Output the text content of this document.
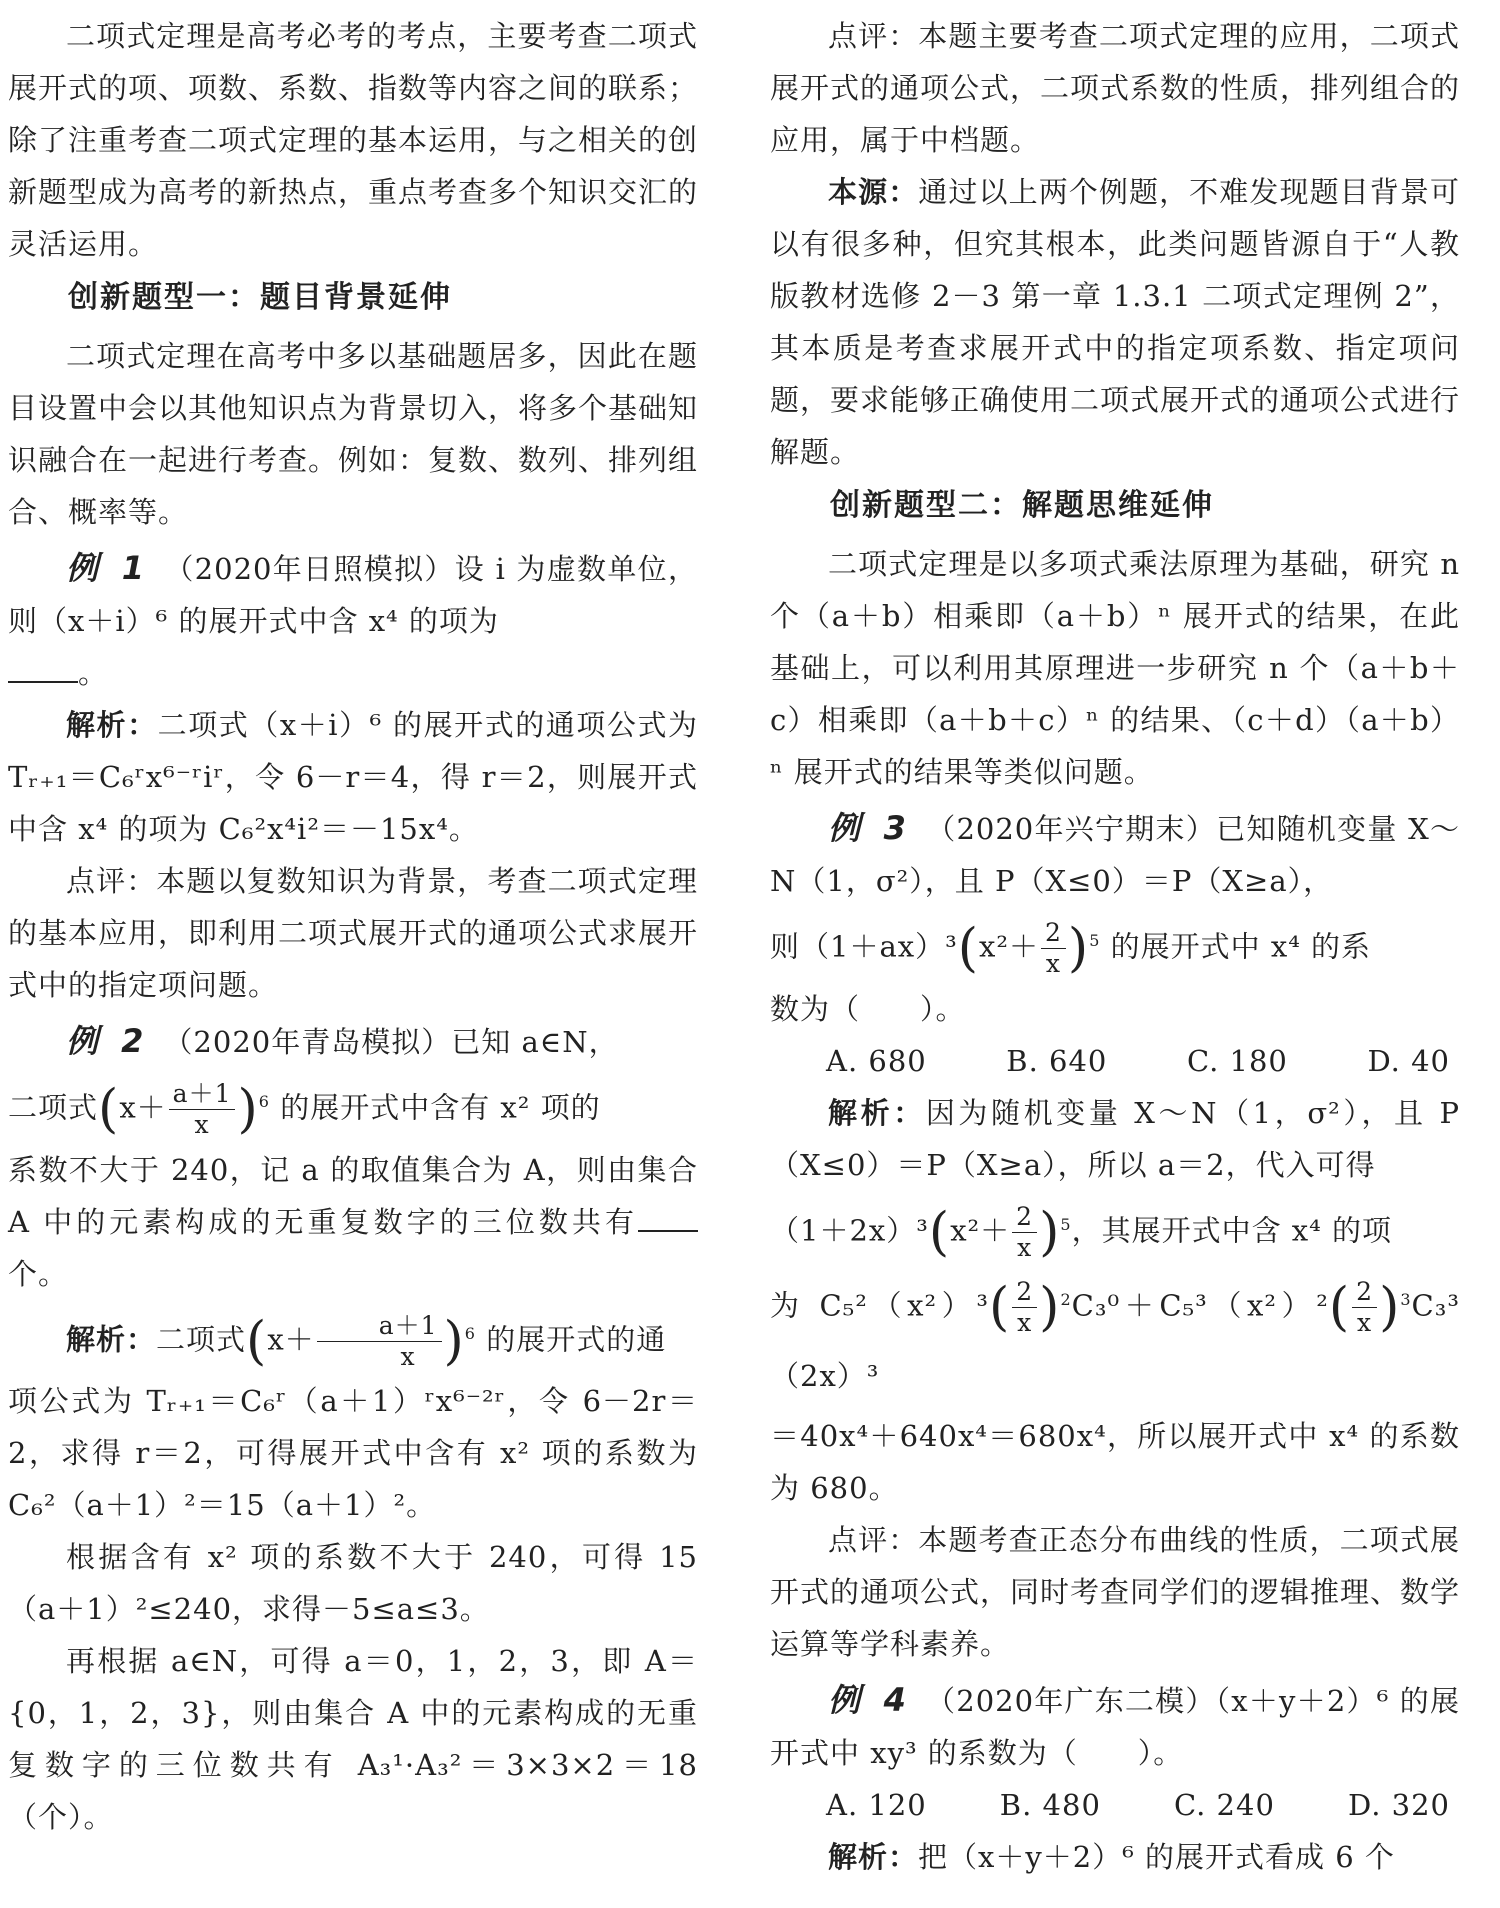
二项式定理是高考必考的考点，主要考查二项式展开式的项、项数、系数、指数等内容之间的联系；除了注重考查二项式定理的基本运用，与之相关的创新题型成为高考的新热点，重点考查多个知识交汇的灵活运用。

创新题型一：题目背景延伸

二项式定理在高考中多以基础题居多，因此在题目设置中会以其他知识点为背景切入，将多个基础知识融合在一起进行考查。例如：复数、数列、排列组合、概率等。

例 1 （2020年日照模拟）设 i 为虚数单位，则（x＋i）⁶ 的展开式中含 x⁴ 的项为
。

解析：二项式（x＋i）⁶ 的展开式的通项公式为 Tᵣ₊₁＝C₆ʳx⁶⁻ʳiʳ，令 6－r＝4，得 r＝2，则展开式中含 x⁴ 的项为 C₆²x⁴i²＝－15x⁴。

点评：本题以复数知识为背景，考查二项式定理的基本应用，即利用二项式展开式的通项公式求展开式中的指定项问题。

例 2 （2020年青岛模拟）已知 a∈N，

二项式$(x+ \frac{a+1}{x} )^6$ 的展开式中含有 x² 项的
系数不大于 240，记 a 的取值集合为 A，则由集合 A 中的元素构成的无重复数字的三位数共有个。
解析：二项式$(x+ \frac{a+1}{x} )^6$ 的展开式的通
项公式为 Tᵣ₊₁＝C₆ʳ（a＋1）ʳx⁶⁻²ʳ，令 6－2r＝2，求得 r＝2，可得展开式中含有 x² 项的系数为 C₆²（a＋1）²＝15（a＋1）²。

根据含有 x² 项的系数不大于 240，可得 15（a＋1）²≤240，求得－5≤a≤3。

再根据 a∈N，可得 a＝0，1，2，3，即 A＝{0，1，2，3}，则由集合 A 中的元素构成的无重复数字的三位数共有 A₃¹·A₃²＝3×3×2＝18（个）。

点评：本题主要考查二项式定理的应用，二项式展开式的通项公式，二项式系数的性质，排列组合的应用，属于中档题。

本源：通过以上两个例题，不难发现题目背景可以有很多种，但究其根本，此类问题皆源自于“人教版教材选修 2－3 第一章 1.3.1 二项式定理例 2”，其本质是考查求展开式中的指定项系数、指定项问题，要求能够正确使用二项式展开式的通项公式进行解题。

创新题型二：解题思维延伸

二项式定理是以多项式乘法原理为基础，研究 n 个（a＋b）相乘即（a＋b）ⁿ 展开式的结果，在此基础上，可以利用其原理进一步研究 n 个（a＋b＋c）相乘即（a＋b＋c）ⁿ 的结果、（c＋d）（a＋b）ⁿ 展开式的结果等类似问题。

例 3 （2020年兴宁期末）已知随机变量 X～N（1，σ²），且 P（X≤0）＝P（X≥a），

则$(1+ax)^3(x^2+ \frac{2}{x} )^5$ 的展开式中 x⁴ 的系
数为（　　）。
A. 680	B. 640	C. 180	D. 40

解析：因为随机变量 X～N（1，σ²），且 P（X≤0）＝P（X≥a），所以 a＝2，代入可得

$(1+2x)^3(x^2+ \frac{2}{x} )^5$，其展开式中含 x⁴ 的项
为 $C_5^2(x^2)^3( \frac{2}{x} )^2C_3^0+C_5^3(x^2)^2( \frac{2}{x} )^3C_3^3(2x)^3$
＝40x⁴＋640x⁴＝680x⁴，所以展开式中 x⁴ 的系数为 680。

点评：本题考查正态分布曲线的性质，二项式展开式的通项公式，同时考查同学们的逻辑推理、数学运算等学科素养。

例 4 （2020年广东二模）（x＋y＋2）⁶ 的展开式中 xy³ 的系数为（　　）。

A. 120	B. 480	C. 240	D. 320

解析：把（x＋y＋2）⁶ 的展开式看成 6 个
